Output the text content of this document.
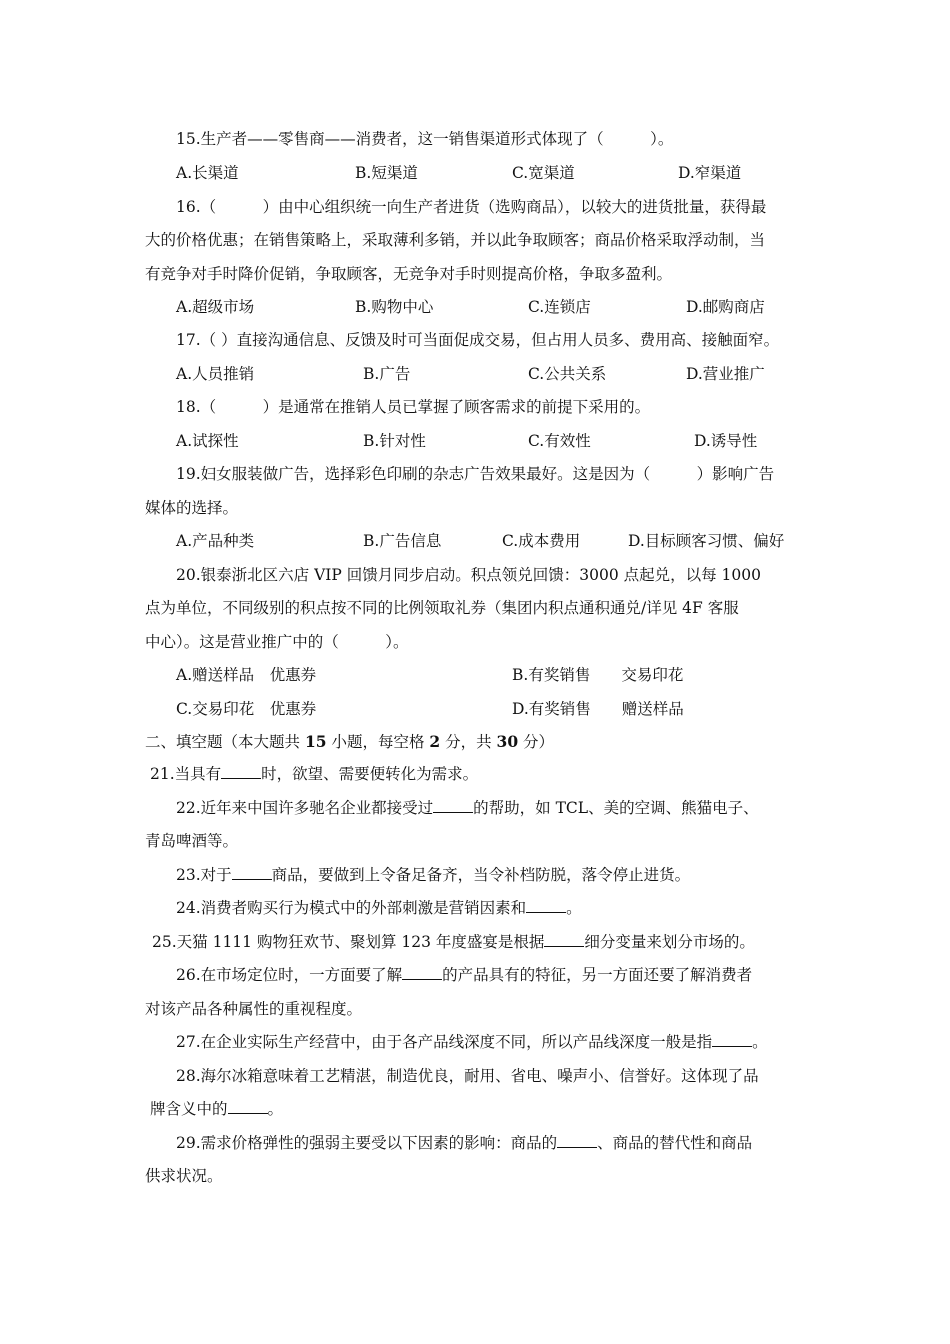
15.生产者——零售商——消费者，这一销售渠道形式体现了（　　　）。
A.长渠道	B.短渠道	C.宽渠道	D.窄渠道
16.（　　　）由中心组织统一向生产者进货（选购商品），以较大的进货批量，获得最
大的价格优惠；在销售策略上，采取薄利多销，并以此争取顾客；商品价格采取浮动制，当
有竞争对手时降价促销，争取顾客，无竞争对手时则提高价格，争取多盈利。
A.超级市场	B.购物中心	C.连锁店	D.邮购商店
17.（ ）直接沟通信息、反馈及时可当面促成交易，但占用人员多、费用高、接触面窄。
A.人员推销	B.广告	C.公共关系	D.营业推广
18.（　　　）是通常在推销人员已掌握了顾客需求的前提下采用的。
A.试探性	B.针对性	C.有效性	D.诱导性
19.妇女服装做广告，选择彩色印刷的杂志广告效果最好。这是因为（　　　）影响广告
媒体的选择。
A.产品种类	B.广告信息	C.成本费用	D.目标顾客习惯、偏好
20.银泰浙北区六店 VIP 回馈月同步启动。积点领兑回馈：3000 点起兑，以每 1000
点为单位，不同级别的积点按不同的比例领取礼券（集团内积点通积通兑/详见 4F 客服
中心）。这是营业推广中的（　　　）。
A.赠送样品　优惠券	B.有奖销售　　交易印花
C.交易印花　优惠券	D.有奖销售　　赠送样品
二、填空题（本大题共 15 小题，每空格 2 分，共 30 分）
21.当具有	时，欲望、需要便转化为需求。
22.近年来中国许多驰名企业都接受过	的帮助，如 TCL、美的空调、熊猫电子、
青岛啤酒等。
23.对于	商品，要做到上令备足备齐，当令补档防脱，落令停止进货。
24.消费者购买行为模式中的外部刺激是营销因素和	。
25.天猫 1111 购物狂欢节、聚划算 123 年度盛宴是根据	细分变量来划分市场的。
26.在市场定位时，一方面要了解	的产品具有的特征，另一方面还要了解消费者
对该产品各种属性的重视程度。
27.在企业实际生产经营中，由于各产品线深度不同，所以产品线深度一般是指	。
28.海尔冰箱意味着工艺精湛，制造优良，耐用、省电、噪声小、信誉好。这体现了品
牌含义中的	。
29.需求价格弹性的强弱主要受以下因素的影响：商品的	、商品的替代性和商品
供求状况。
